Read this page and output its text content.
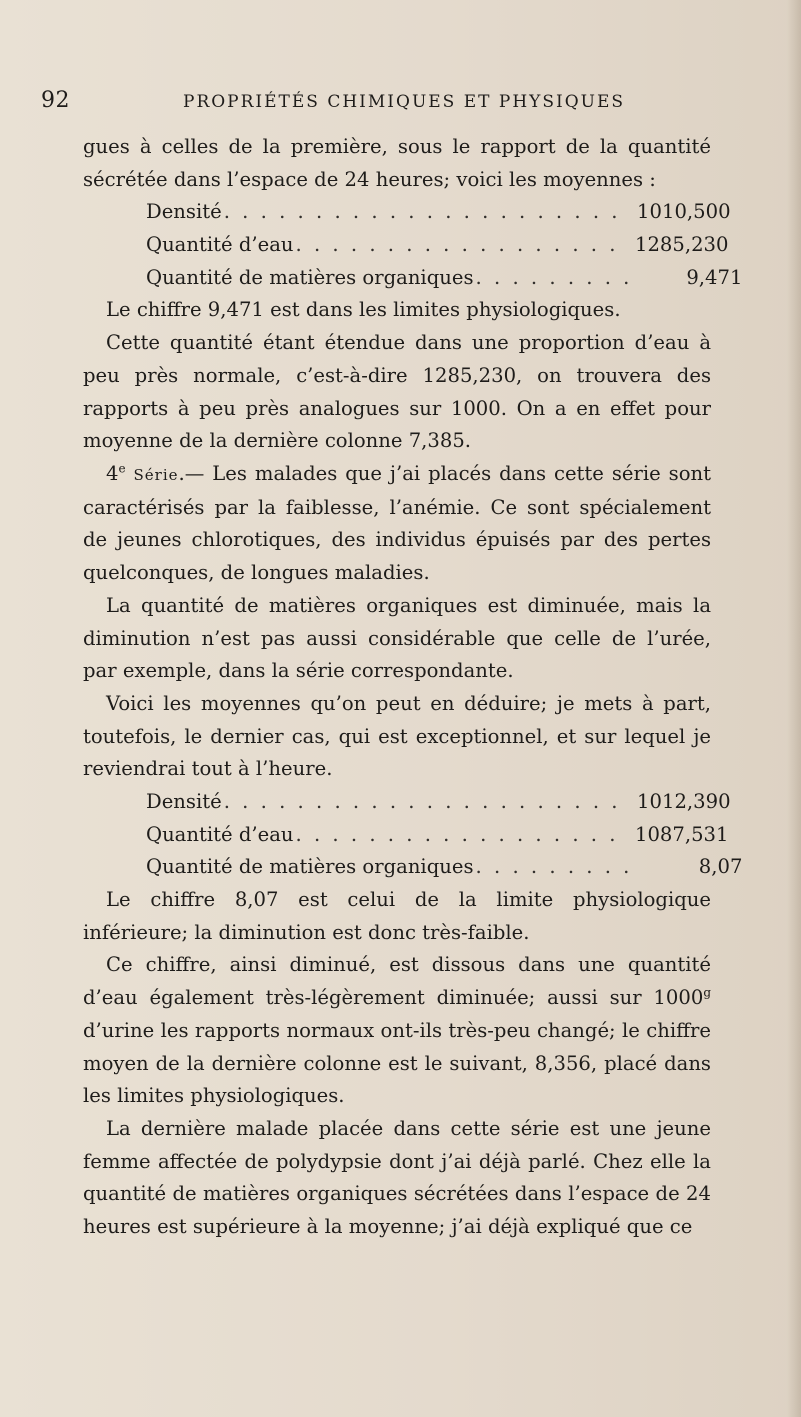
92	PROPRIÉTÉS CHIMIQUES ET PHYSIQUES

gues à celles de la première, sous le rapport de la quantité sécrétée dans l’espace de 24 heures; voici les moyennes :

Densité . . . . . . . . . . . . . . . . . . . . . . 1010,500
Quantité d’eau . . . . . . . . . . . . . . . . . . 1285,230
Quantité de matières organiques . . . . . . . . .	9,471

Le chiffre 9,471 est dans les limites physiologiques.

Cette quantité étant étendue dans une proportion d’eau à peu près normale, c’est-à-dire 1285,230, on trouvera des rapports à peu près analogues sur 1000. On a en effet pour moyenne de la dernière colonne 7,385.

4e Série.— Les malades que j’ai placés dans cette série sont caractérisés par la faiblesse, l’anémie. Ce sont spécialement de jeunes chlorotiques, des individus épuisés par des pertes quelconques, de longues maladies.

La quantité de matières organiques est diminuée, mais la diminution n’est pas aussi considérable que celle de l’urée, par exemple, dans la série correspondante.

Voici les moyennes qu’on peut en déduire; je mets à part, toutefois, le dernier cas, qui est exceptionnel, et sur lequel je reviendrai tout à l’heure.

Densité . . . . . . . . . . . . . . . . . . . . . . 1012,390
Quantité d’eau . . . . . . . . . . . . . . . . . . 1087,531
Quantité de matières organiques . . . . . . . . .	8,07

Le chiffre 8,07 est celui de la limite physiologique inférieure; la diminution est donc très-faible.

Ce chiffre, ainsi diminué, est dissous dans une quantité d’eau également très-légèrement diminuée; aussi sur 1000$^g$ d’urine les rapports normaux ont-ils très-peu changé; le chiffre moyen de la dernière colonne est le suivant, 8,356, placé dans les limites physiologiques.

La dernière malade placée dans cette série est une jeune femme affectée de polydypsie dont j’ai déjà parlé. Chez elle la quantité de matières organiques sécrétées dans l’espace de 24 heures est supérieure à la moyenne; j’ai déjà expliqué que ce
